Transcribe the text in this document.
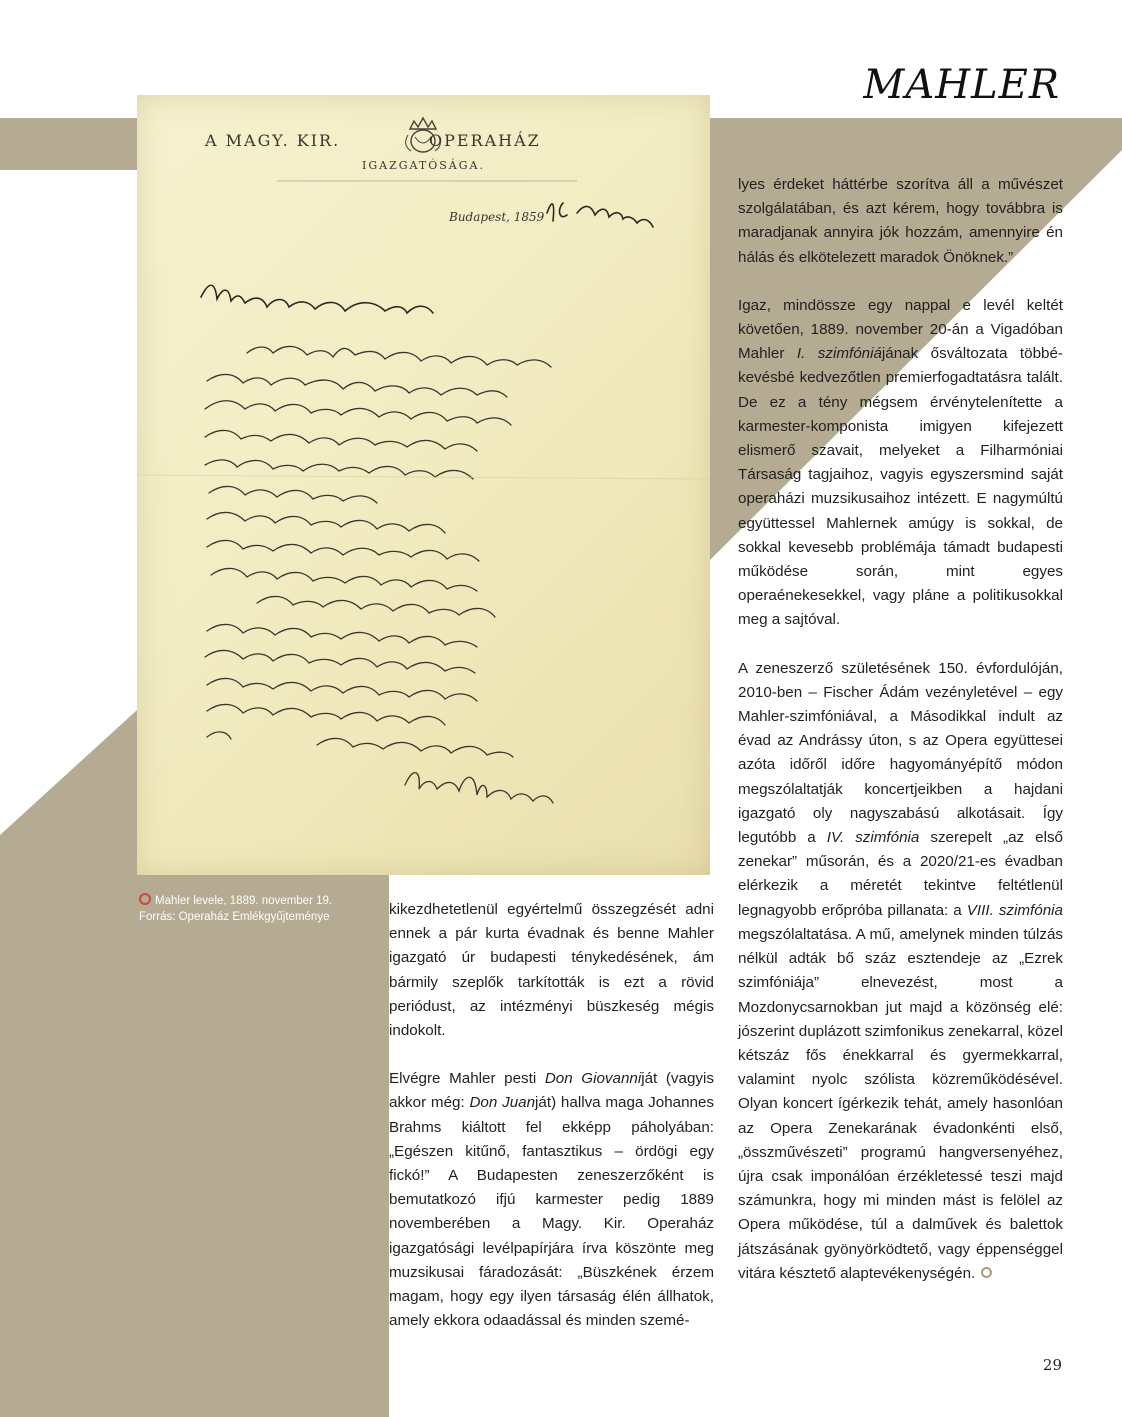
MAHLER
A MAGY. KIR.	OPERAHÁZ
IGAZGATÓSÁGA.
Budapest, 1859
Mahler levele, 1889. november 19.
Forrás: Operaház Emlékgyűjteménye

lyes érdeket háttérbe szorítva áll a művészet szolgálatában, és azt kérem, hogy továbbra is maradjanak annyira jók hozzám, amennyire én hálás és elkötelezett maradok Önöknek.”

Igaz, mindössze egy nappal e levél keltét követően, 1889. november 20-án a Vigadóban Mahler I. szimfóniájának ősváltozata többé-kevésbé kedvezőtlen premierfogadtatásra talált. De ez a tény mégsem érvénytelenítette a karmester-komponista imigyen kifejezett elismerő szavait, melyeket a Filharmóniai Társaság tagjaihoz, vagyis egyszersmind saját operaházi muzsikusaihoz intézett. E nagymúltú együttessel Mahlernek amúgy is sokkal, de sokkal kevesebb problémája támadt budapesti működése során, mint egyes operaénekesekkel, vagy pláne a politikusokkal meg a sajtóval.

A zeneszerző születésének 150. évfordulóján, 2010-ben – Fischer Ádám vezényletével – egy Mahler-szimfóniával, a Másodikkal indult az évad az Andrássy úton, s az Opera együttesei azóta időről időre hagyományépítő módon megszólaltatják koncertjeikben a hajdani igazgató oly nagyszabású alkotásait. Így legutóbb a IV. szimfónia szerepelt „az első zenekar” műsorán, és a 2020/21-es évadban elérkezik a méretét tekintve feltétlenül legnagyobb erőpróba pillanata: a VIII. szimfónia megszólaltatása. A mű, amelynek minden túlzás nélkül adták bő száz esztendeje az „Ezrek szimfóniája” elnevezést, most a Mozdonycsarnokban jut majd a közönség elé: jószerint duplázott szimfonikus zenekarral, közel kétszáz fős énekkarral és gyermekkarral, valamint nyolc szólista közreműködésével. Olyan koncert ígérkezik tehát, amely hasonlóan az Opera Zenekarának évadonkénti első, „összművészeti” programú hangversenyéhez, újra csak imponálóan érzékletessé teszi majd számunkra, hogy mi minden mást is felölel az Opera működése, túl a dalművek és balettok játszásának gyönyörködtető, vagy éppenséggel vitára késztető alaptevékenységén.

kikezdhetetlenül egyértelmű összegzését adni ennek a pár kurta évadnak és benne Mahler igazgató úr budapesti ténykedésének, ám bármily szeplők tarkították is ezt a rövid periódust, az intézményi büszkeség mégis indokolt.

Elvégre Mahler pesti Don Giovanniját (vagyis akkor még: Don Juanját) hallva maga Johannes Brahms kiáltott fel ekképp páholyában: „Egészen kitűnő, fantasztikus – ördögi egy fickó!” A Budapesten zeneszerzőként is bemutatkozó ifjú karmester pedig 1889 novemberében a Magy. Kir. Operaház igazgatósági levélpapírjára írva köszönte meg muzsikusai fáradozását: „Büszkének érzem magam, hogy egy ilyen társaság élén állhatok, amely ekkora odaadással és minden szemé-

29
